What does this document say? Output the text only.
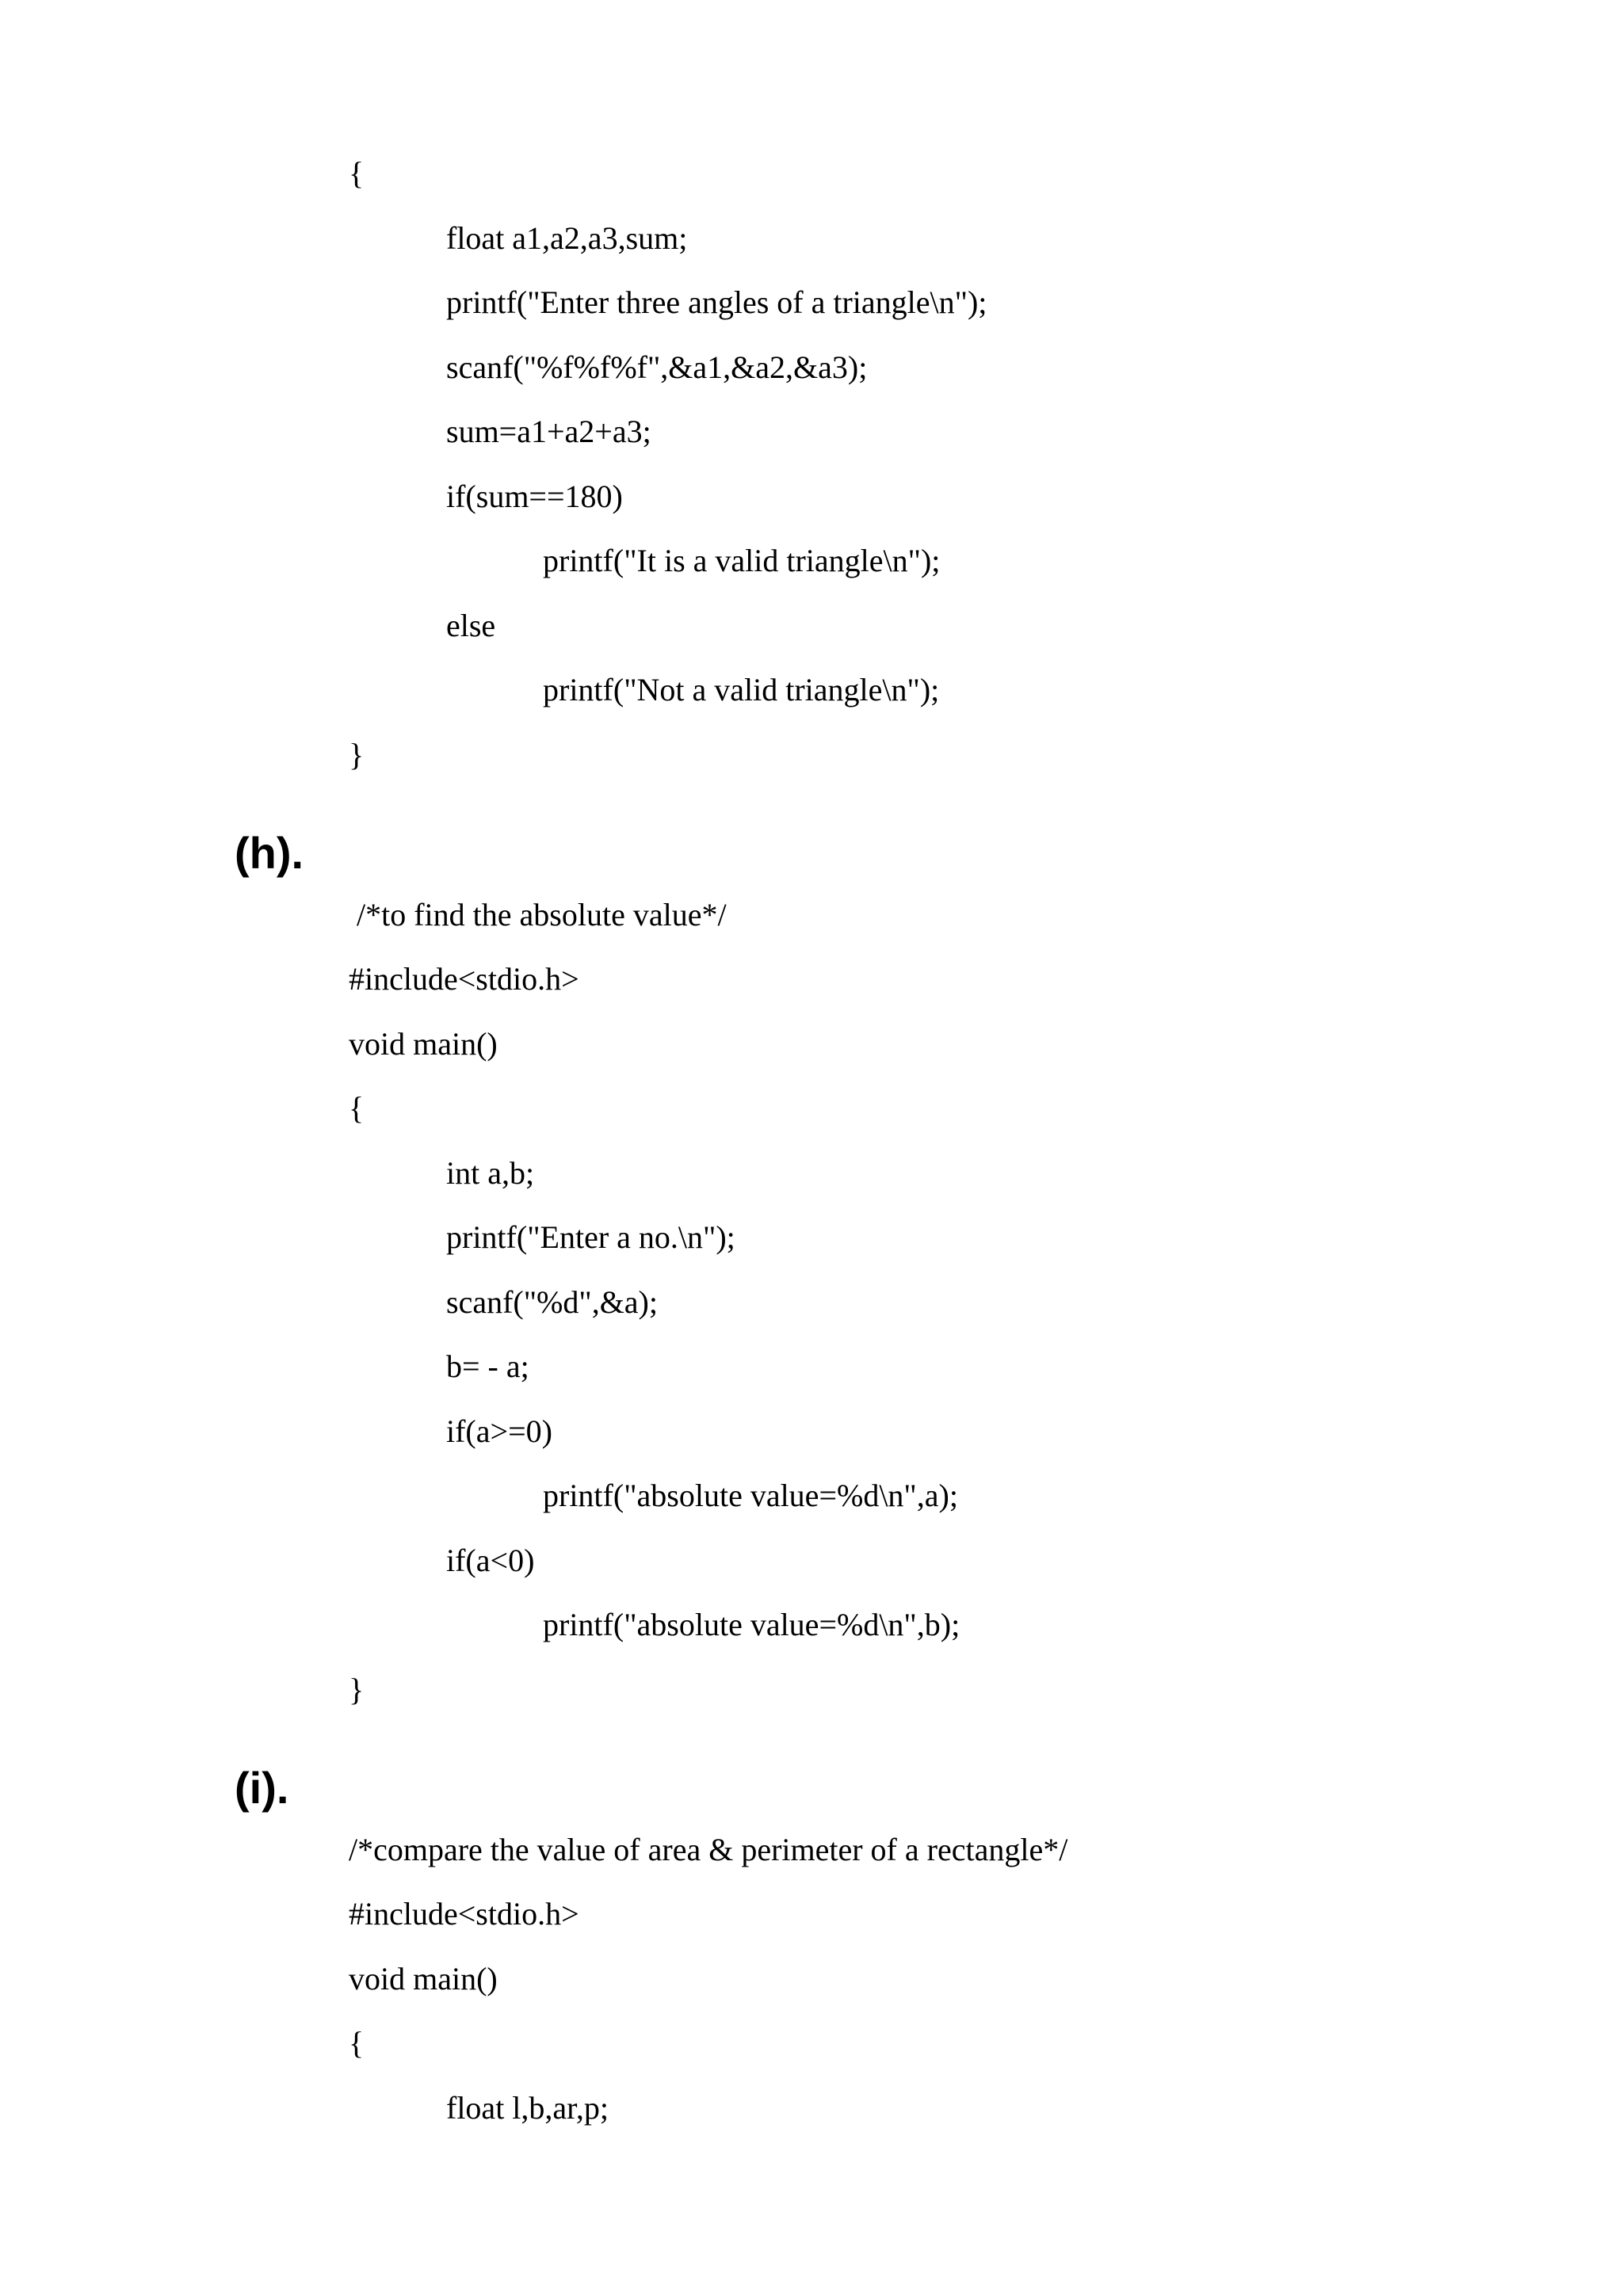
{
float a1,a2,a3,sum;
printf("Enter three angles of a triangle\n");
scanf("%f%f%f",&a1,&a2,&a3);
sum=a1+a2+a3;
if(sum==180)
printf("It is a valid triangle\n");
else
printf("Not a valid triangle\n");
}
(h).
/*to find the absolute value*/
#include<stdio.h>
void main()
{
int a,b;
printf("Enter a no.\n");
scanf("%d",&a);
b= - a;
if(a>=0)
printf("absolute value=%d\n",a);
if(a<0)
printf("absolute value=%d\n",b);
}
(i).
/*compare the value of area & perimeter of a rectangle*/
#include<stdio.h>
void main()
{
float l,b,ar,p;
